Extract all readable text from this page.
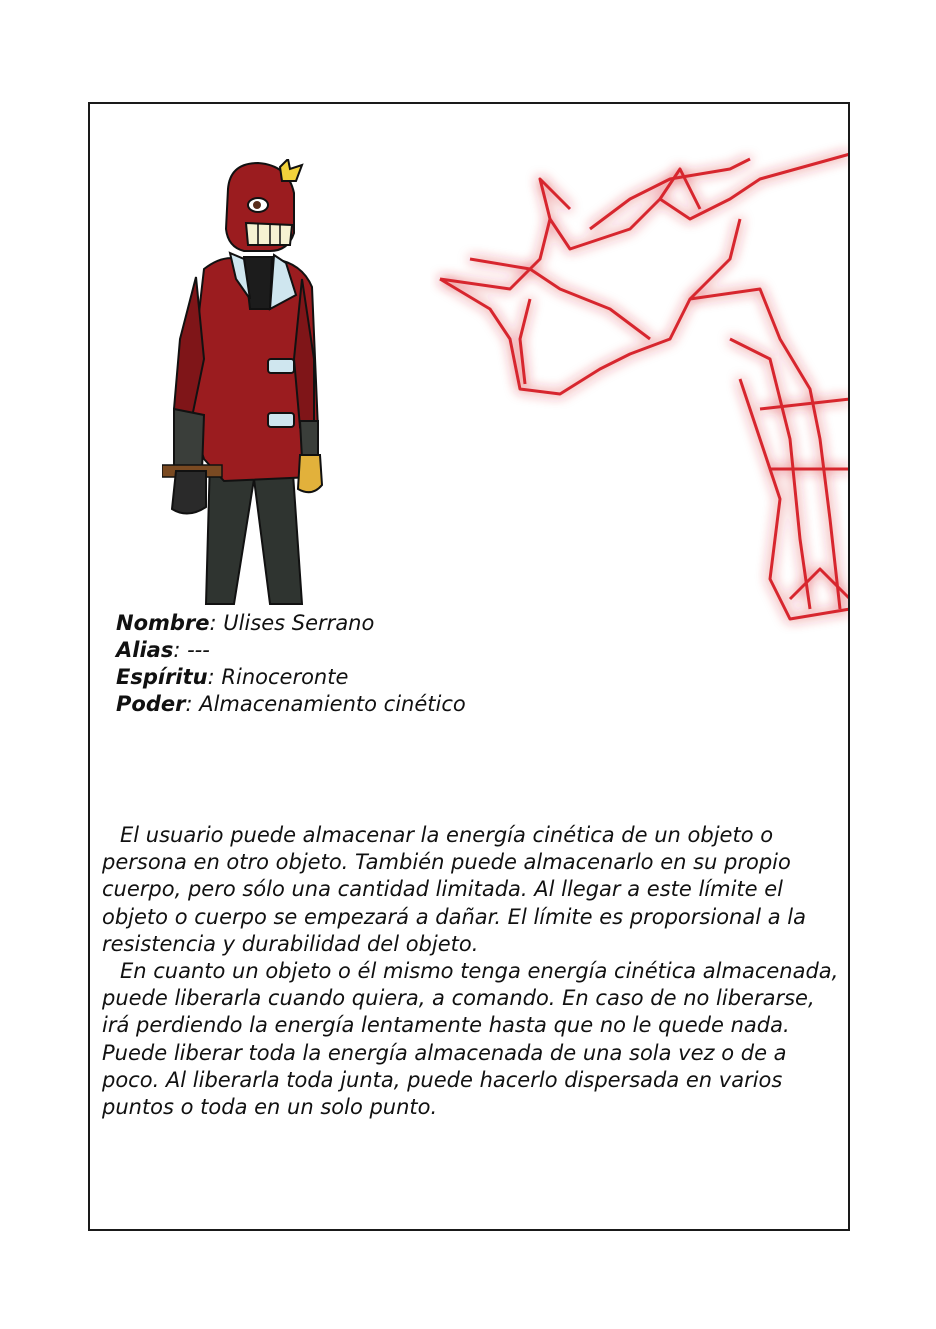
Nombre: Ulises Serrano
Alias: ---
Espíritu: Rinoceronte
Poder: Almacenamiento cinético

El usuario puede almacenar la energía cinética de un objeto o persona en otro objeto. También puede almacenarlo en su propio cuerpo, pero sólo una cantidad limitada. Al llegar a este límite el objeto o cuerpo se empezará a dañar. El límite es proporsional a la resistencia y durabilidad del objeto.

En cuanto un objeto o él mismo tenga energía cinética almacenada, puede liberarla cuando quiera, a comando. En caso de no liberarse, irá perdiendo la energía lentamente hasta que no le quede nada. Puede liberar toda la energía almacenada de una sola vez o de a poco. Al liberarla toda junta, puede hacerlo dispersada en varios puntos o toda en un solo punto.
